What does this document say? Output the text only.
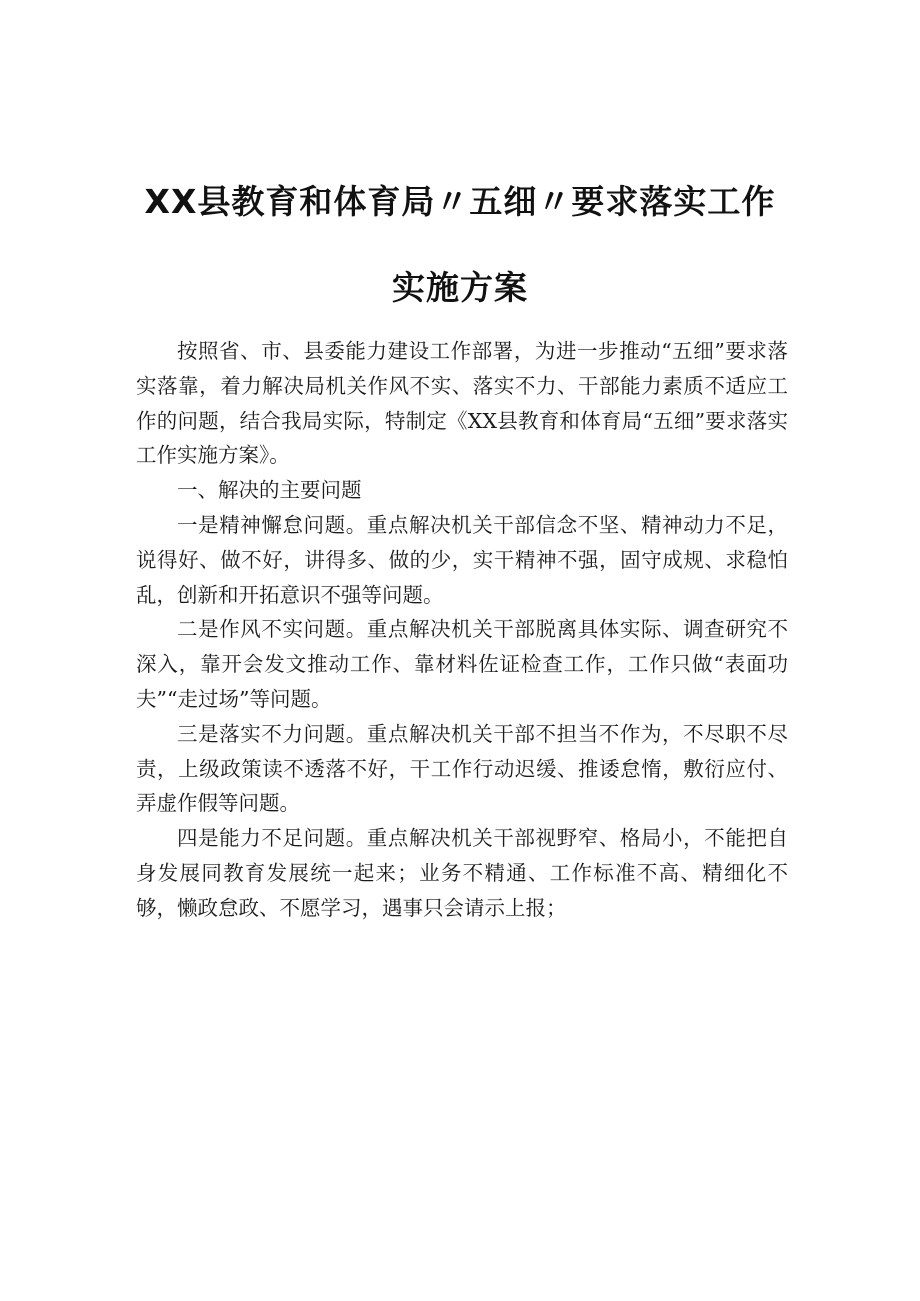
XX县教育和体育局〃五细〃要求落实工作
实施方案

按照省、市、县委能力建设工作部署，为进一步推动“五细”要求落实落靠，着力解决局机关作风不实、落实不力、干部能力素质不适应工作的问题，结合我局实际，特制定《XX县教育和体育局“五细”要求落实工作实施方案》。

一、解决的主要问题

一是精神懈怠问题。重点解决机关干部信念不坚、精神动力不足，说得好、做不好，讲得多、做的少，实干精神不强，固守成规、求稳怕乱，创新和开拓意识不强等问题。

二是作风不实问题。重点解决机关干部脱离具体实际、调查研究不深入，靠开会发文推动工作、靠材料佐证检查工作，工作只做“表面功夫”“走过场”等问题。

三是落实不力问题。重点解决机关干部不担当不作为，不尽职不尽责，上级政策读不透落不好，干工作行动迟缓、推诿怠惰，敷衍应付、弄虚作假等问题。

四是能力不足问题。重点解决机关干部视野窄、格局小，不能把自身发展同教育发展统一起来；业务不精通、工作标准不高、精细化不够，懒政怠政、不愿学习，遇事只会请示上报；
